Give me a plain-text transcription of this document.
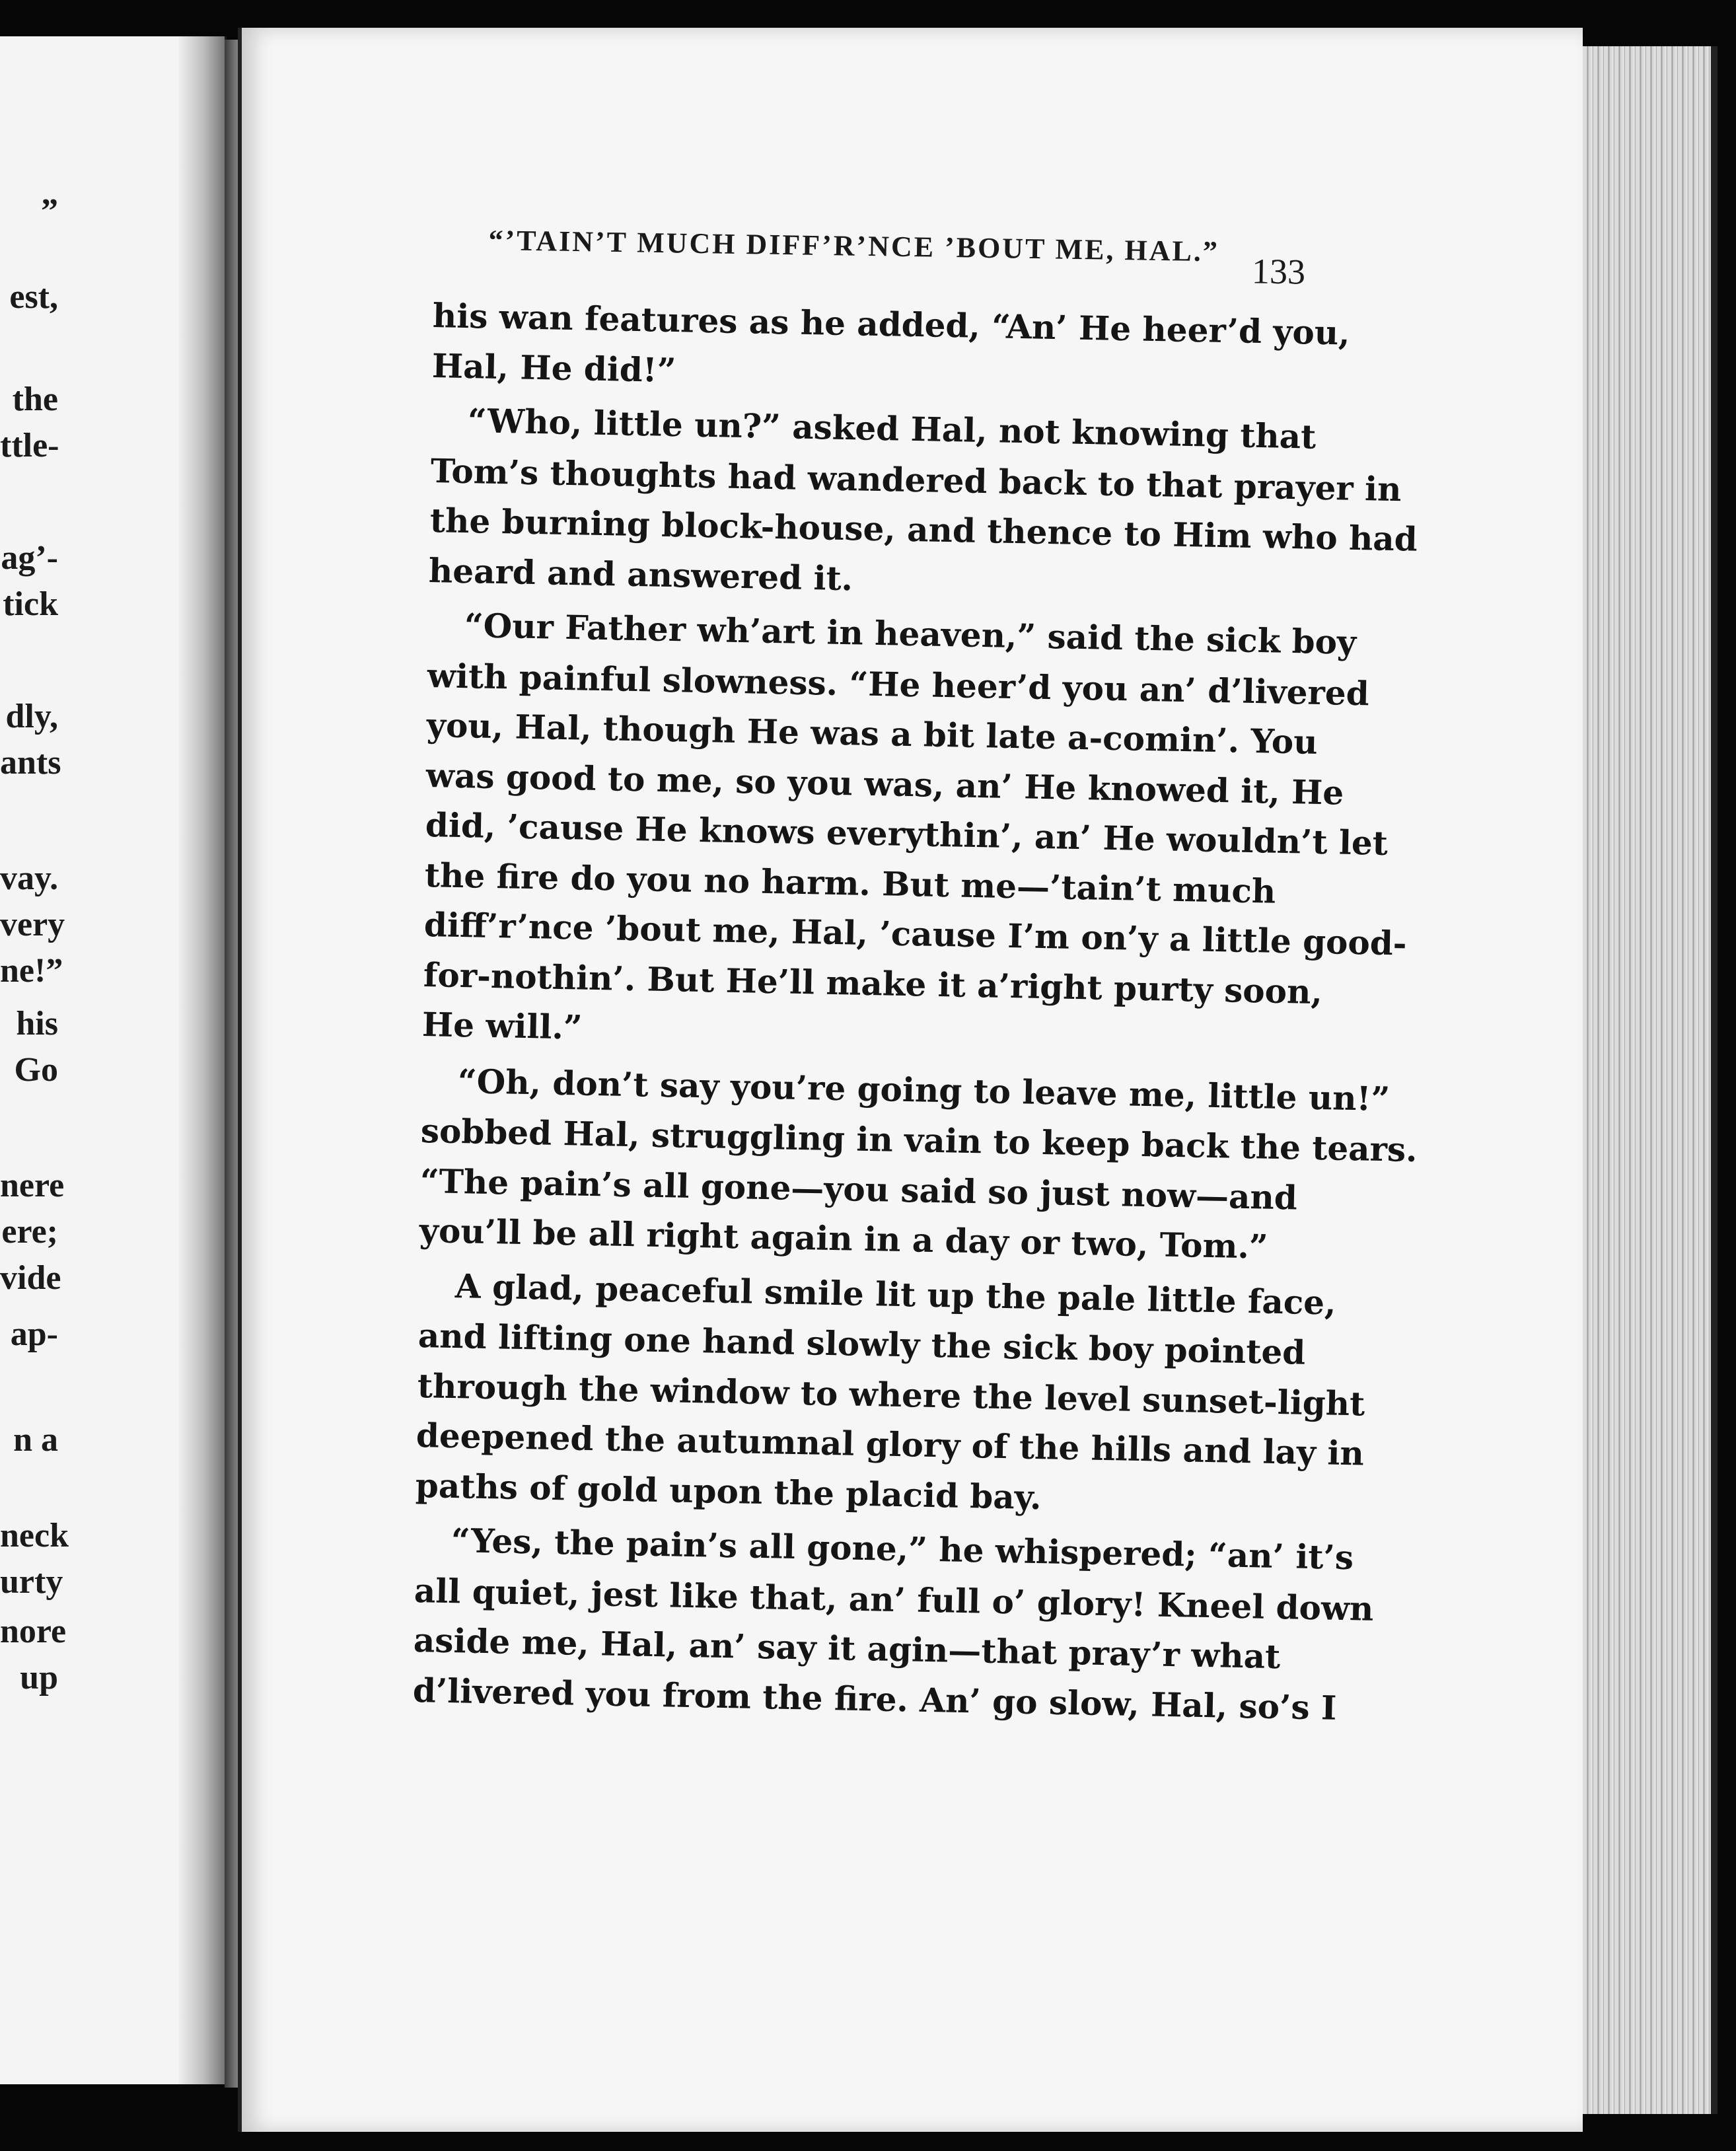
”
est,
the
ttle-
ag’-
tick
dly,
ants
vay.
very
ne!”
his
Go
nere
ere;
vide
ap-
n a
neck
urty
nore
up
“’TAIN’T MUCH DIFF’R’NCE ’BOUT ME, HAL.”
133
his wan features as he added, “An’ He heer’d you,
Hal, He did!”
“Who, little un?” asked Hal, not knowing that
Tom’s thoughts had wandered back to that prayer in
the burning block-house, and thence to Him who had
heard and answered it.
“Our Father wh’art in heaven,” said the sick boy
with painful slowness. “He heer’d you an’ d’livered
you, Hal, though He was a bit late a-comin’. You
was good to me, so you was, an’ He knowed it, He
did, ’cause He knows everythin’, an’ He wouldn’t let
the fire do you no harm. But me—’tain’t much
diff’r’nce ’bout me, Hal, ’cause I’m on’y a little good-
for-nothin’. But He’ll make it a’right purty soon,
He will.”
“Oh, don’t say you’re going to leave me, little un!”
sobbed Hal, struggling in vain to keep back the tears.
“The pain’s all gone—you said so just now—and
you’ll be all right again in a day or two, Tom.”
A glad, peaceful smile lit up the pale little face,
and lifting one hand slowly the sick boy pointed
through the window to where the level sunset-light
deepened the autumnal glory of the hills and lay in
paths of gold upon the placid bay.
“Yes, the pain’s all gone,” he whispered; “an’ it’s
all quiet, jest like that, an’ full o’ glory! Kneel down
aside me, Hal, an’ say it agin—that pray’r what
d’livered you from the fire. An’ go slow, Hal, so’s I
